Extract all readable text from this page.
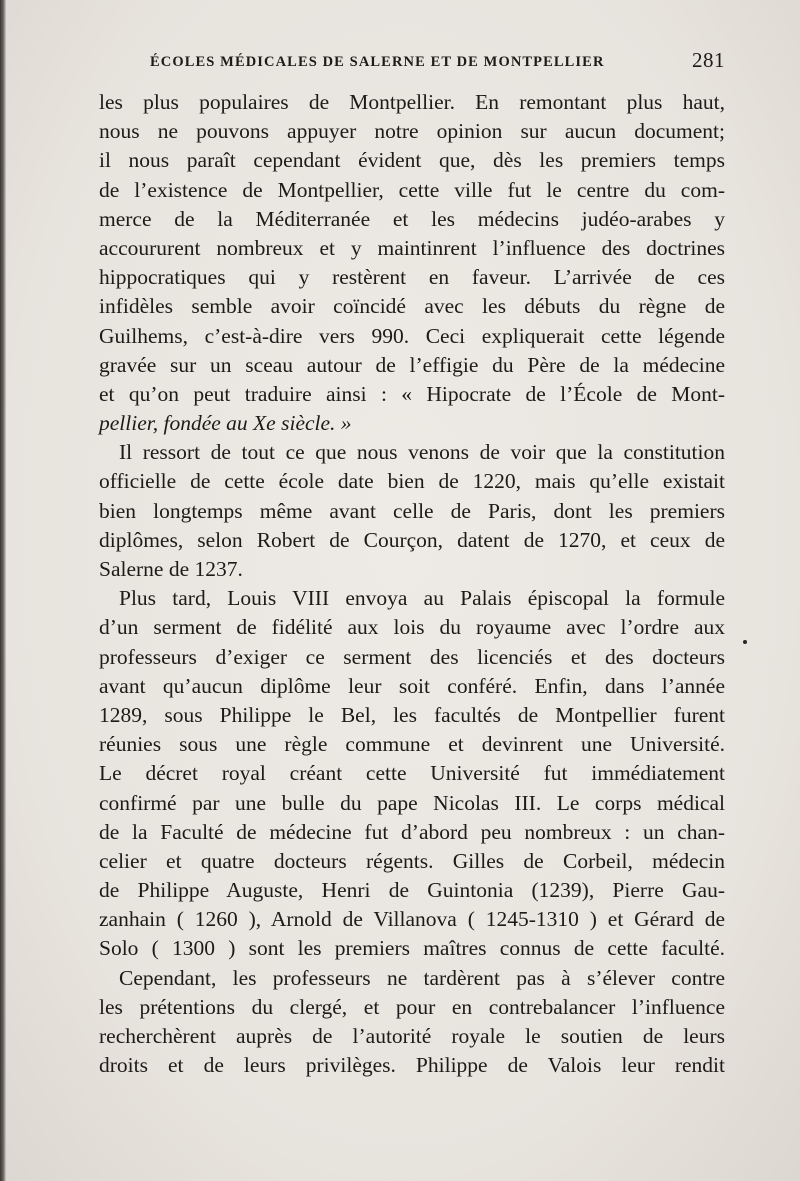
ÉCOLES MÉDICALES DE SALERNE ET DE MONTPELLIER	281
les plus populaires de Montpellier. En remontant plus haut,
nous ne pouvons appuyer notre opinion sur aucun document;
il nous paraît cependant évident que, dès les premiers temps
de l’existence de Montpellier, cette ville fut le centre du com-
merce de la Méditerranée et les médecins judéo-arabes y
accoururent nombreux et y maintinrent l’influence des doctrines
hippocratiques qui y restèrent en faveur. L’arrivée de ces
infidèles semble avoir coïncidé avec les débuts du règne de
Guilhems, c’est-à-dire vers 990. Ceci expliquerait cette légende
gravée sur un sceau autour de l’effigie du Père de la médecine
et qu’on peut traduire ainsi : « Hipocrate de l’École de Mont-
pellier, fondée au Xe siècle. »
Il ressort de tout ce que nous venons de voir que la constitution
officielle de cette école date bien de 1220, mais qu’elle existait
bien longtemps même avant celle de Paris, dont les premiers
diplômes, selon Robert de Courçon, datent de 1270, et ceux de
Salerne de 1237.
Plus tard, Louis VIII envoya au Palais épiscopal la formule
d’un serment de fidélité aux lois du royaume avec l’ordre aux
professeurs d’exiger ce serment des licenciés et des docteurs
avant qu’aucun diplôme leur soit conféré. Enfin, dans l’année
1289, sous Philippe le Bel, les facultés de Montpellier furent
réunies sous une règle commune et devinrent une Université.
Le décret royal créant cette Université fut immédiatement
confirmé par une bulle du pape Nicolas III. Le corps médical
de la Faculté de médecine fut d’abord peu nombreux : un chan-
celier et quatre docteurs régents. Gilles de Corbeil, médecin
de Philippe Auguste, Henri de Guintonia (1239), Pierre Gau-
zanhain ( 1260 ), Arnold de Villanova ( 1245-1310 ) et Gérard de
Solo ( 1300 ) sont les premiers maîtres connus de cette faculté.
Cependant, les professeurs ne tardèrent pas à s’élever contre
les prétentions du clergé, et pour en contrebalancer l’influence
recherchèrent auprès de l’autorité royale le soutien de leurs
droits et de leurs privilèges. Philippe de Valois leur rendit
